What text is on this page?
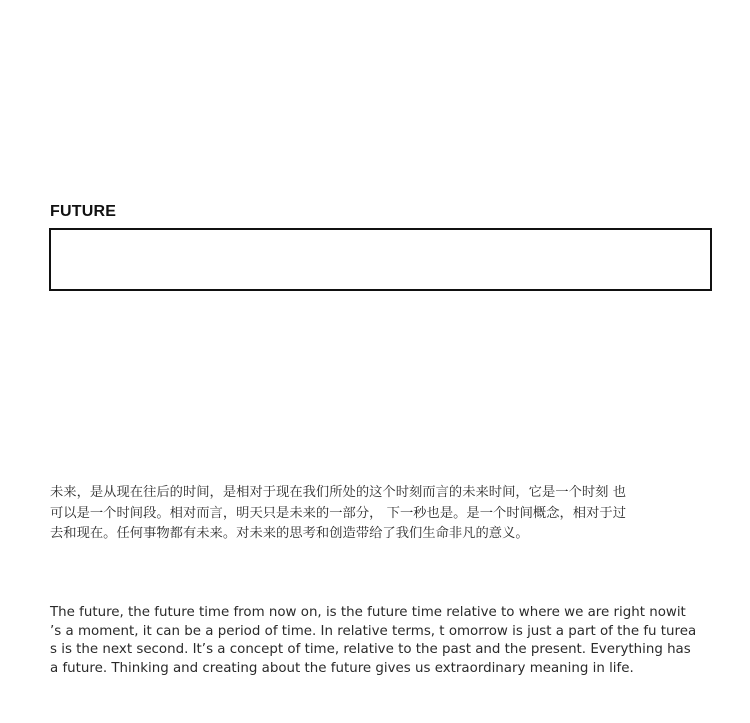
FUTURE

未来，是从现在往后的时间，是相对于现在我们所处的这个时刻而言的未来时间，它是一个时刻 也
可以是一个时间段。相对而言，明天只是未来的一部分， 下一秒也是。是一个时间概念，相对于过
去和现在。任何事物都有未来。对未来的思考和创造带给了我们生命非凡的意义。

The future, the future time from now on, is the future time relative to where we are right nowit
’s a moment, it can be a period of time. In relative terms, t omorrow is just a part of the fu turea
s is the next second. It’s a concept of time, relative to the past and the present. Everything has
a future. Thinking and creating about the future gives us extraordinary meaning in life.
